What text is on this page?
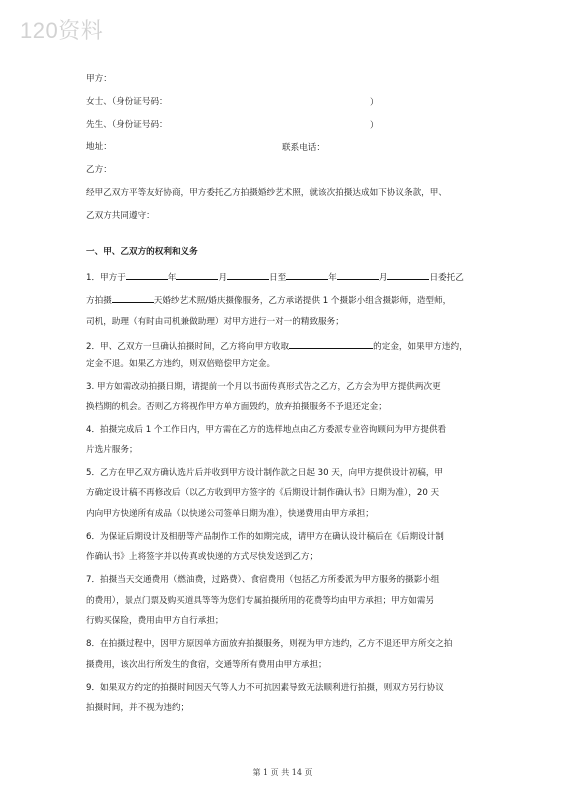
120资料
甲方：
女士、（身份证号码：	）
先生、（身份证号码：	）
地址：	联系电话：
乙方：
经甲乙双方平等友好协商，甲方委托乙方拍摄婚纱艺术照，就该次拍摄达成如下协议条款，甲、
乙双方共同遵守：
一、甲、乙双方的权利和义务
1．甲方于	年	月	日至	年	月	日委托乙
方拍摄	天婚纱艺术照/婚庆摄像服务，乙方承诺提供 1 个摄影小组含摄影师，造型师，
司机，助理（有时由司机兼做助理）对甲方进行一对一的精致服务；
2．甲、乙双方一旦确认拍摄时间，乙方将向甲方收取	的定金，如果甲方违约，
定金不退。如果乙方违约，则双倍赔偿甲方定金。
3. 甲方如需改动拍摄日期，请提前一个月以书面传真形式告之乙方，乙方会为甲方提供两次更
换档期的机会。否则乙方将视作甲方单方面毁约，放弃拍摄服务不予退还定金；
4．拍摄完成后 1 个工作日内，甲方需在乙方的选样地点由乙方委派专业咨询顾问为甲方提供看
片选片服务；
5．乙方在甲乙双方确认选片后并收到甲方设计制作款之日起 30 天，向甲方提供设计初稿，甲
方确定设计稿不再修改后（以乙方收到甲方签字的《后期设计制作确认书》日期为准），20 天
内向甲方快递所有成品（以快递公司签单日期为准），快递费用由甲方承担；
6．为保证后期设计及相册等产品制作工作的如期完成，请甲方在确认设计稿后在《后期设计制
作确认书》上将签字并以传真或快递的方式尽快发送到乙方；
7．拍摄当天交通费用（燃油费，过路费）、食宿费用（包括乙方所委派为甲方服务的摄影小组
的费用），景点门票及购买道具等等为您们专属拍摄所用的花费等均由甲方承担；甲方如需另
行购买保险，费用由甲方自行承担；
8．在拍摄过程中，因甲方原因单方面放弃拍摄服务，则视为甲方违约，乙方不退还甲方所交之拍
摄费用，该次出行所发生的食宿，交通等所有费用由甲方承担；
9．如果双方约定的拍摄时间因天气等人力不可抗因素导致无法顺利进行拍摄，则双方另行协议
拍摄时间，并不视为违约；
第 1 页 共 14 页
